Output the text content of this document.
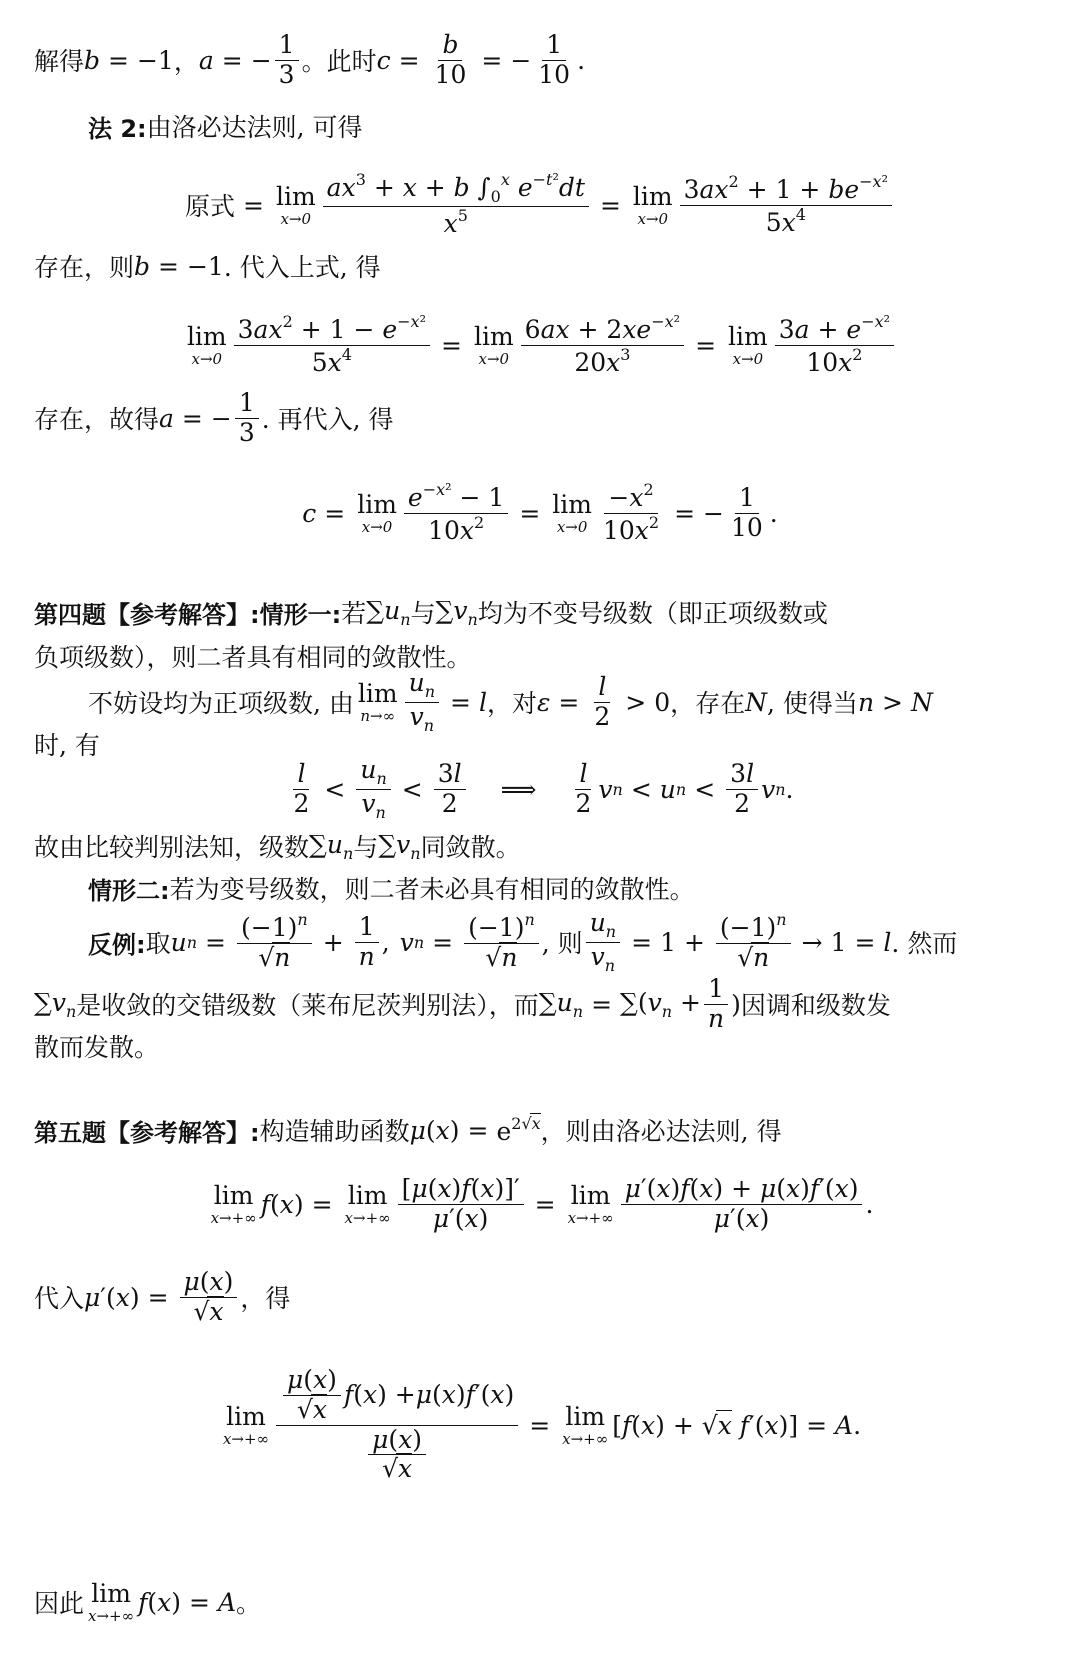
解得 b = −1 ， a = − $\frac{1}{3}$ 。此时 $c = \frac{b}{10}$ = − $\frac{1}{10}$ .
法 2: 由洛必达法则, 可得
原式 = lim
$x\to 0 \frac{ax^3 + x + b \int_0^x e^{-t^2}dt}{x^5} = \lim$
$x\to 0 \frac{3ax^2 + 1 + be^{-x^2}}{5x^4}$
存在，则 b = −1 . 代入上式, 得
lim
$x\to 0 \frac{3ax^2 + 1 - e^{-x^2}}{5x^4} = \lim$
$x\to 0 \frac{6ax + 2xe^{-x^2}}{20x^3} = \lim$
$x\to 0 \frac{3a + e^{-x^2}}{10x^2}$
存在，故得 a = − $\frac{1}{3}$ . 再代入, 得
c = lim
$x\to 0 \frac{e^{-x^2} - 1}{10x^2} = \lim$
$x\to 0 \frac{-x^2}{10x^2}$ = − $\frac{1}{10}$ .
第四题【参考解答】: 情形一: 若 $\sum u_n$ 与 $\sum v_n$ 均为不变号级数（即正项级数或
负项级数），则二者具有相同的敛散性。
不妨设均为正项级数, 由 lim
$n\to\infty \frac{u_n}{v_n} = l$ ，对 $\varepsilon = \frac{l}{2} > 0$ ，存在 N , 使得当 n > N
时, 有
$\frac{l}{2} < \frac{u_n}{v_n} < \frac{3l}{2}$ ⟹ $\frac{l}{2}$ v n < u $n < \frac{3l}{2}$ v n .
故由比较判别法知，级数 $\sum u_n$ 与 $\sum v_n$ 同敛散。
情形二: 若为变号级数，则二者未必具有相同的敛散性。
反例: 取 u $n = \frac{(-1)^n}{√n} + \frac{1}{n}$ , v $n = \frac{(-1)^n}{√n}$ , 则 $\frac{u_n}{v_n} = 1 + \frac{(-1)^n}{√n} \to 1 = l$ . 然而
$\sum v_n$ 是收敛的交错级数（莱布尼茨判别法），而 $\sum u_n = \sum(v_n + \frac{1}{n}$ ) 因调和级数发
散而发散。
第五题【参考解答】: 构造辅助函数 μ $(x) = e^{2√x}$ ，则由洛必达法则, 得
lim
x→+∞ f (x) = lim
$x\to+\infty \frac{[\mu(x)f(x)]'}{\mu'(x)} = \lim$
$x\to+\infty \frac{\mu'(x)f(x) + \mu(x)f'(x)}{\mu'(x)}$ .
代入 μ $'(x) = \frac{\mu(x)}{√x}$ ，得
lim
$x\to+\infty \frac{\frac{\mu(x)}{√x} f ( x ) + \mu ( x ) f '( x )}{\frac{\mu(x)}{√x}} = \lim$
x→+∞ [f(x) + √x f′(x)] = A .
因此 lim
x→+∞ f (x) = A 。
